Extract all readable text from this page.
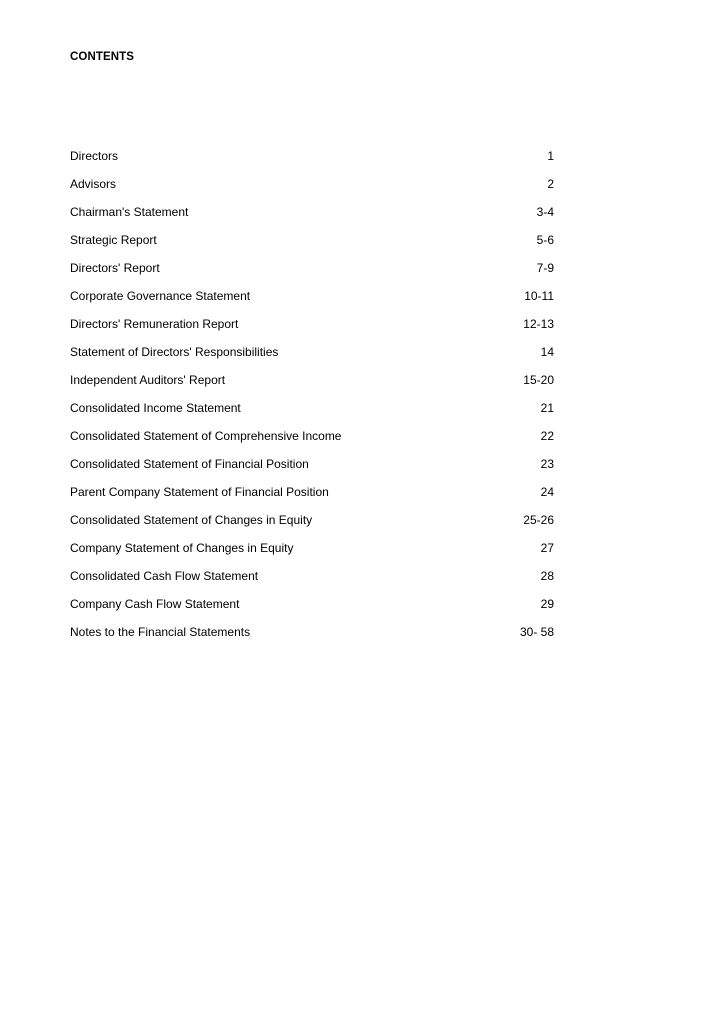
CONTENTS
Directors	1
Advisors	2
Chairman's Statement	3-4
Strategic Report	5-6
Directors' Report	7-9
Corporate Governance Statement	10-11
Directors' Remuneration Report	12-13
Statement of Directors' Responsibilities	14
Independent Auditors' Report	15-20
Consolidated Income Statement	21
Consolidated Statement of Comprehensive Income	22
Consolidated Statement of Financial Position	23
Parent Company Statement of Financial Position	24
Consolidated Statement of Changes in Equity	25-26
Company Statement of Changes in Equity	27
Consolidated Cash Flow Statement	28
Company Cash Flow Statement	29
Notes to the Financial Statements	30- 58
